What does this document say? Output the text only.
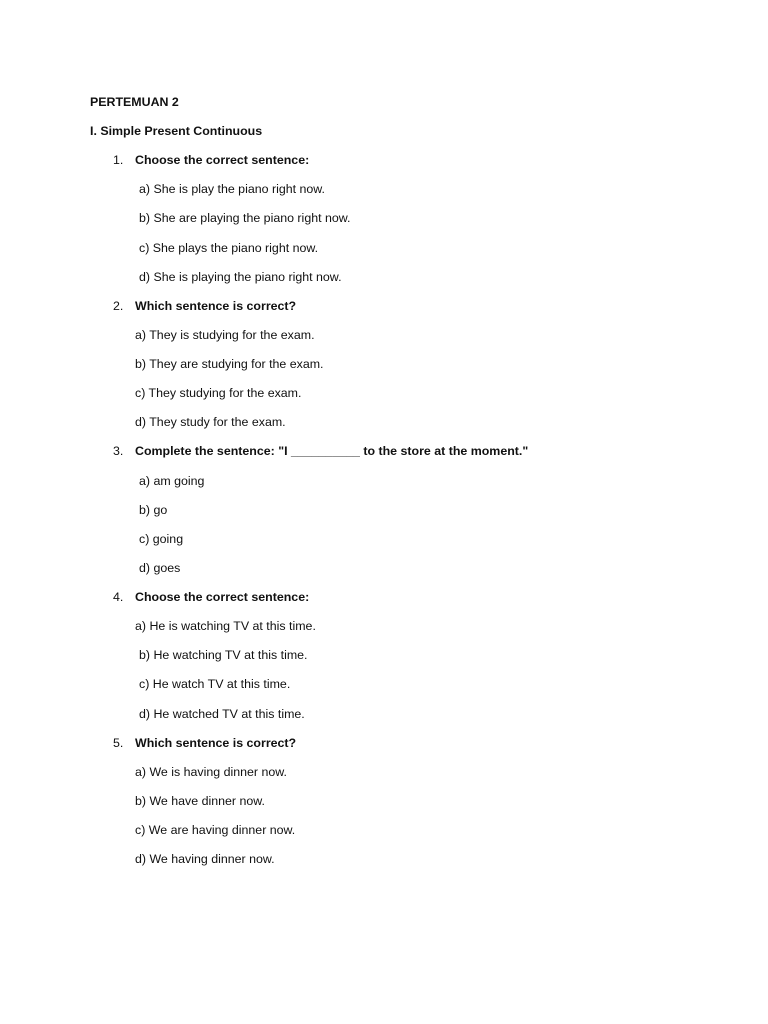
PERTEMUAN 2
I. Simple Present Continuous
1. Choose the correct sentence:
a) She is play the piano right now.
b) She are playing the piano right now.
c) She plays the piano right now.
d) She is playing the piano right now.
2. Which sentence is correct?
a) They is studying for the exam.
b) They are studying for the exam.
c) They studying for the exam.
d) They study for the exam.
3. Complete the sentence: "I __________ to the store at the moment."
a) am going
b) go
c) going
d) goes
4. Choose the correct sentence:
a) He is watching TV at this time.
b) He watching TV at this time.
c) He watch TV at this time.
d) He watched TV at this time.
5. Which sentence is correct?
a) We is having dinner now.
b) We have dinner now.
c) We are having dinner now.
d) We having dinner now.
